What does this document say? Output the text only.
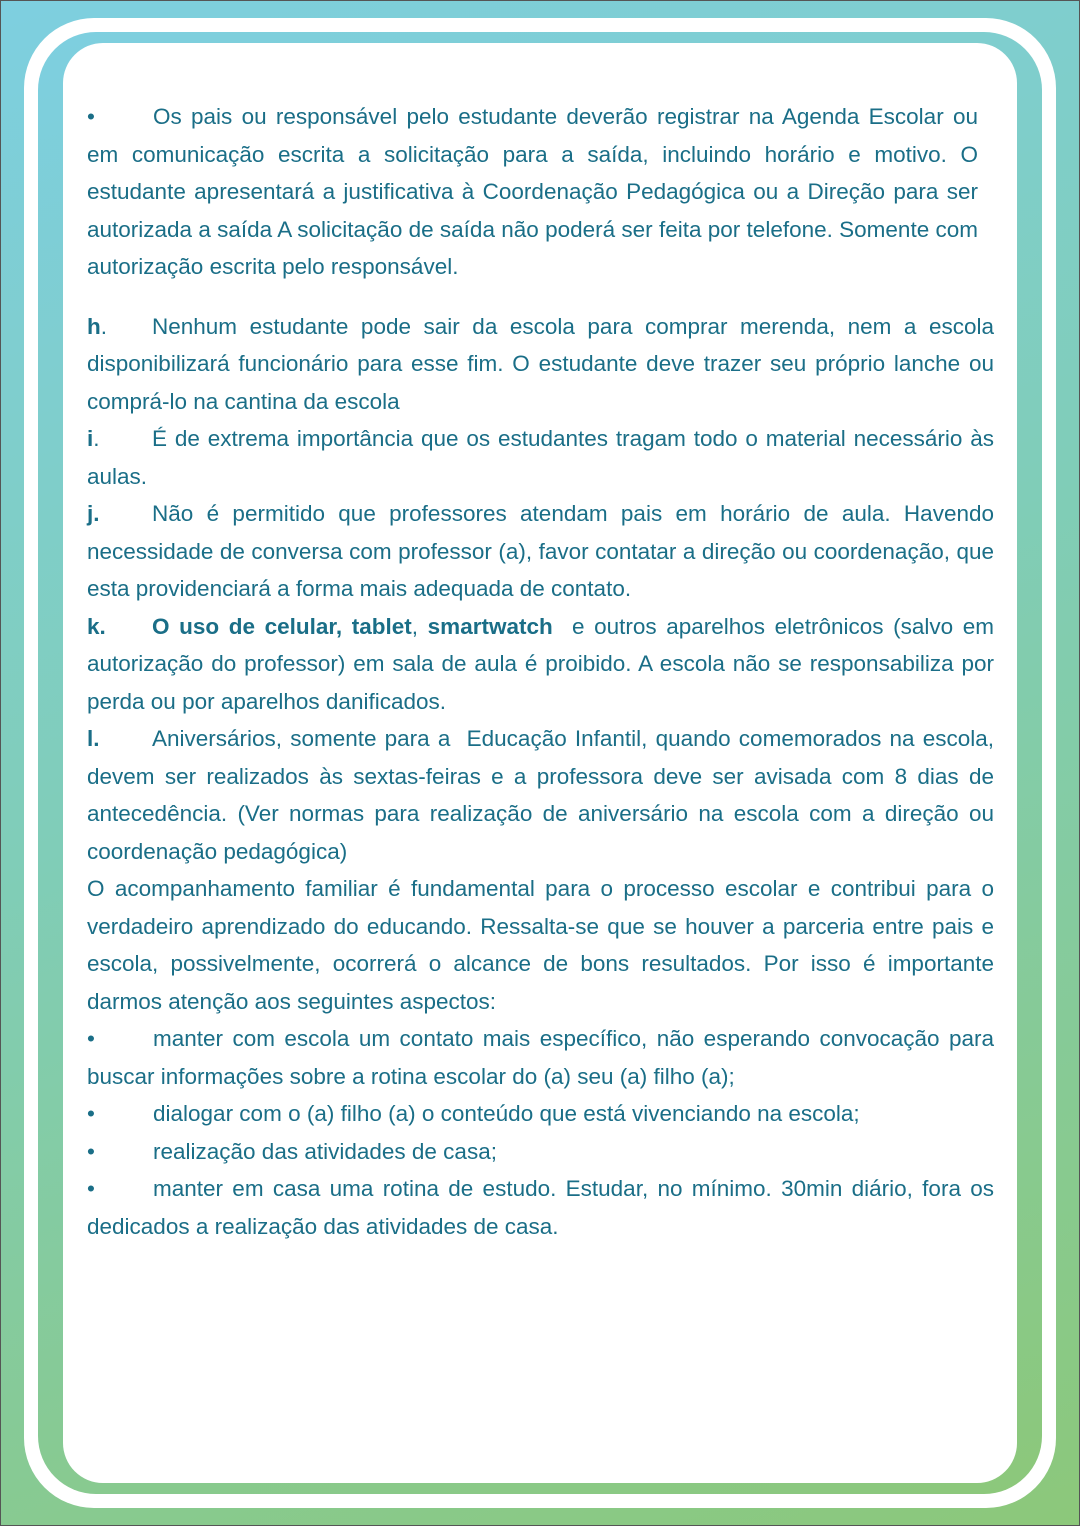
•	Os pais ou responsável pelo estudante deverão registrar na Agenda Escolar ou em comunicação escrita a solicitação para a saída, incluindo horário e motivo. O estudante apresentará a justificativa à Coordenação Pedagógica ou a Direção para ser autorizada a saída A solicitação de saída não poderá ser feita por telefone. Somente com autorização escrita pelo responsável.

h. Nenhum estudante pode sair da escola para comprar merenda, nem a escola disponibilizará funcionário para esse fim. O estudante deve trazer seu próprio lanche ou comprá-lo na cantina da escola

i. É de extrema importância que os estudantes tragam todo o material necessário às aulas.

j. Não é permitido que professores atendam pais em horário de aula. Havendo necessidade de conversa com professor (a), favor contatar a direção ou coordenação, que esta providenciará a forma mais adequada de contato.

k. O uso de celular, tablet, smartwatch  e outros aparelhos eletrônicos (salvo em autorização do professor) em sala de aula é proibido. A escola não se responsabiliza por perda ou por aparelhos danificados.

l. Aniversários, somente para a  Educação Infantil, quando comemorados na escola, devem ser realizados às sextas-feiras e a professora deve ser avisada com 8 dias de antecedência. (Ver normas para realização de aniversário na escola com a direção ou coordenação pedagógica)

O acompanhamento familiar é fundamental para o processo escolar e contribui para o verdadeiro aprendizado do educando. Ressalta-se que se houver a parceria entre pais e escola, possivelmente, ocorrerá o alcance de bons resultados. Por isso é importante darmos atenção aos seguintes aspectos:

•	manter com escola um contato mais específico, não esperando convocação para buscar informações sobre a rotina escolar do (a) seu (a) filho (a);

•	dialogar com o (a) filho (a) o conteúdo que está vivenciando na escola;

•	realização das atividades de casa;

•	manter em casa uma rotina de estudo. Estudar, no mínimo. 30min diário, fora os dedicados a realização das atividades de casa.
